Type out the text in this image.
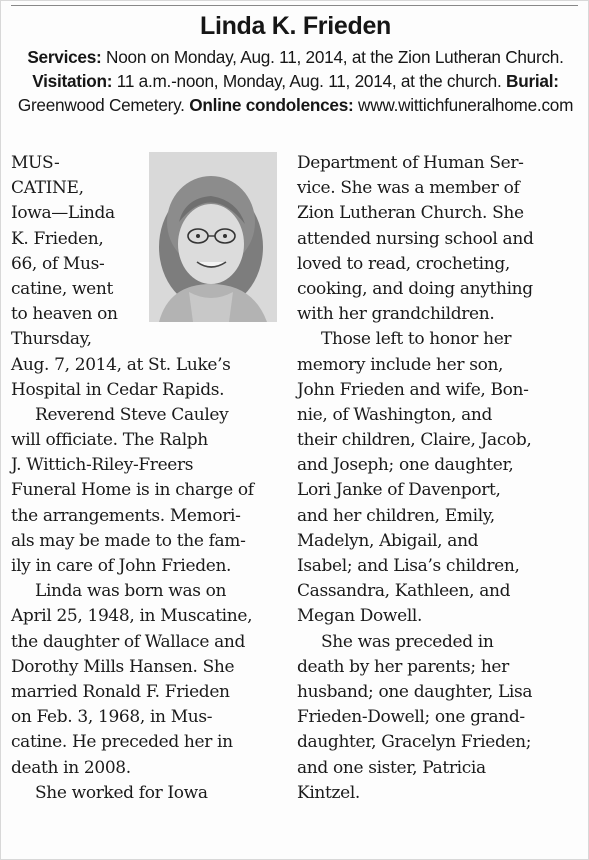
Linda K. Frieden
Services: Noon on Monday, Aug. 11, 2014, at the Zion Lutheran Church. Visitation: 11 a.m.-noon, Monday, Aug. 11, 2014, at the church. Burial: Greenwood Cemetery. Online condolences: www.wittichfuneralhome.com
MUS-
CATINE,
Iowa—Linda
K. Frieden,
66, of Mus-
catine, went
to heaven on
Thursday,
Aug. 7, 2014, at St. Luke’s
Hospital in Cedar Rapids.
Reverend Steve Cauley
will officiate. The Ralph
J. Wittich-Riley-Freers
Funeral Home is in charge of
the arrangements. Memori-
als may be made to the fam-
ily in care of John Frieden.
Linda was born was on
April 25, 1948, in Muscatine,
the daughter of Wallace and
Dorothy Mills Hansen. She
married Ronald F. Frieden
on Feb. 3, 1968, in Mus-
catine. He preceded her in
death in 2008.
She worked for Iowa
Department of Human Ser-
vice. She was a member of
Zion Lutheran Church. She
attended nursing school and
loved to read, crocheting,
cooking, and doing anything
with her grandchildren.
Those left to honor her
memory include her son,
John Frieden and wife, Bon-
nie, of Washington, and
their children, Claire, Jacob,
and Joseph; one daughter,
Lori Janke of Davenport,
and her children, Emily,
Madelyn, Abigail, and
Isabel; and Lisa’s children,
Cassandra, Kathleen, and
Megan Dowell.
She was preceded in
death by her parents; her
husband; one daughter, Lisa
Frieden-Dowell; one grand-
daughter, Gracelyn Frieden;
and one sister, Patricia
Kintzel.
